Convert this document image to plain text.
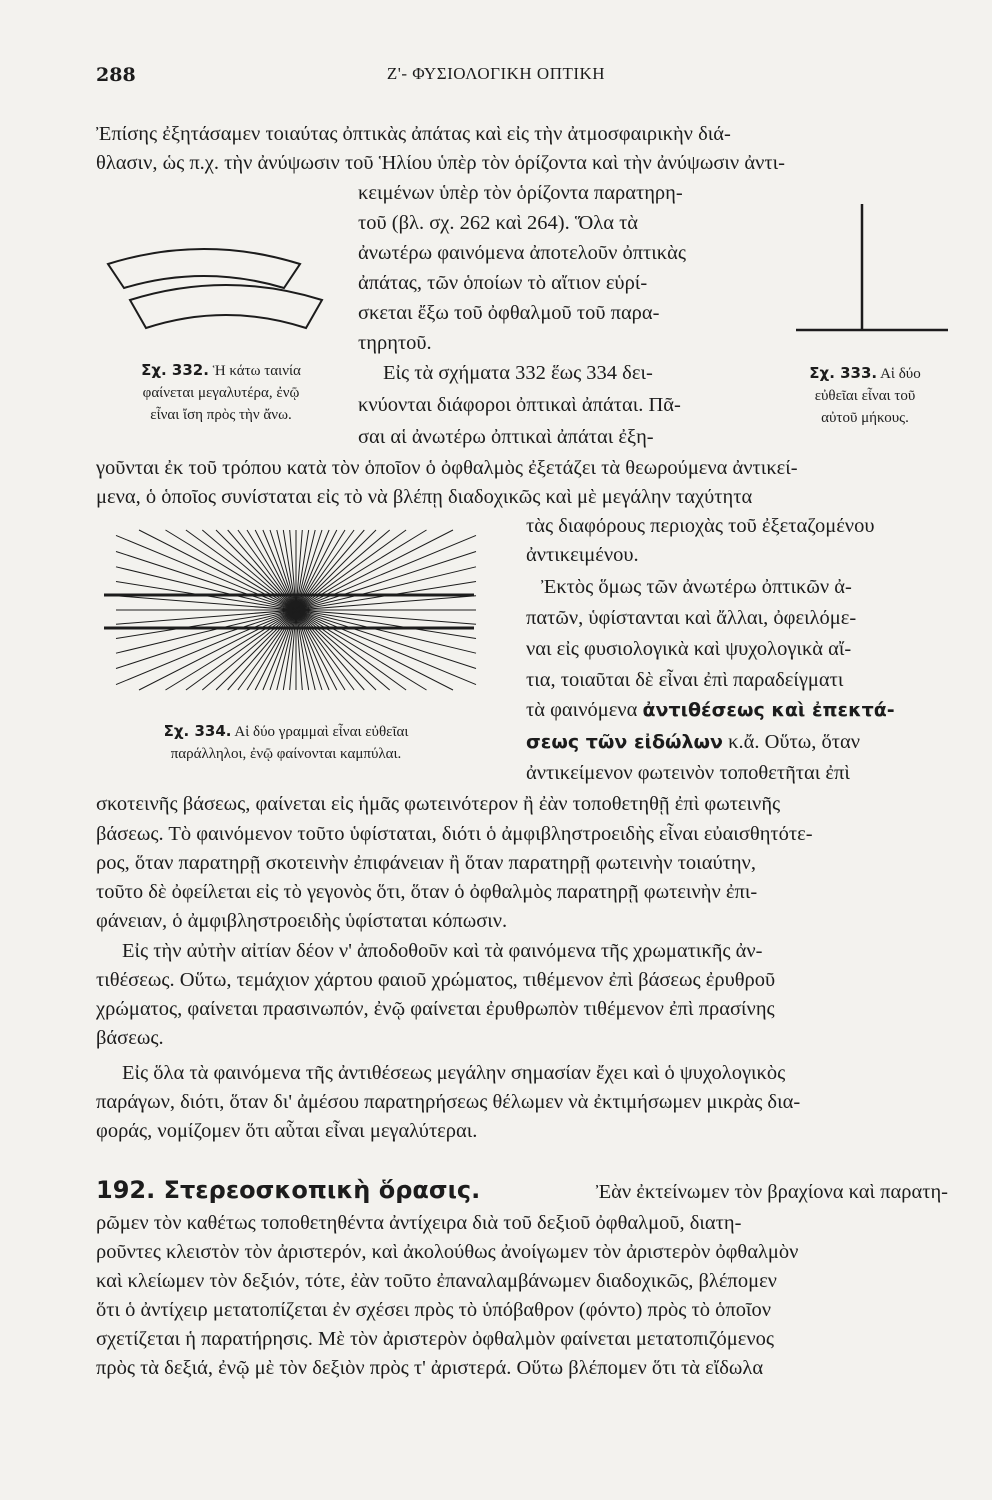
288	Ζ'- ΦΥΣΙΟΛΟΓΙΚΗ ΟΠΤΙΚΗ
Ἐπίσης ἐξητάσαμεν τοιαύτας ὀπτικὰς ἀπάτας καὶ εἰς τὴν ἀτμοσφαιρικὴν διά-
θλασιν, ὡς π.χ. τὴν ἀνύψωσιν τοῦ Ἡλίου ὑπὲρ τὸν ὁρίζοντα καὶ τὴν ἀνύψωσιν ἀντι-
κειμένων ὑπὲρ τὸν ὁρίζοντα παρατηρη-
τοῦ (βλ. σχ. 262 καὶ 264). Ὅλα τὰ
ἀνωτέρω φαινόμενα ἀποτελοῦν ὀπτικὰς
ἀπάτας, τῶν ὁποίων τὸ αἴτιον εὑρί-
σκεται ἔξω τοῦ ὀφθαλμοῦ τοῦ παρα-
τηρητοῦ.
Σχ. 332. Ἡ κάτω ταινία
φαίνεται μεγαλυτέρα, ἐνῷ
εἶναι ἴση πρὸς τὴν ἄνω.
Σχ. 333. Αἱ δύο
εὐθεῖαι εἶναι τοῦ
αὐτοῦ μήκους.
Εἰς τὰ σχήματα 332 ἕως 334 δει-
κνύονται διάφοροι ὀπτικαὶ ἀπάται. Πᾶ-
σαι αἱ ἀνωτέρω ὀπτικαὶ ἀπάται ἐξη-
γοῦνται ἐκ τοῦ τρόπου κατὰ τὸν ὁποῖον ὁ ὀφθαλμὸς ἐξετάζει τὰ θεωρούμενα ἀντικεί-
μενα, ὁ ὁποῖος συνίσταται εἰς τὸ νὰ βλέπῃ διαδοχικῶς καὶ μὲ μεγάλην ταχύτητα
τὰς διαφόρους περιοχὰς τοῦ ἐξεταζομένου
ἀντικειμένου.
Σχ. 334. Αἱ δύο γραμμαὶ εἶναι εὐθεῖαι
παράλληλοι, ἐνῷ φαίνονται καμπύλαι.
Ἐκτὸς ὅμως τῶν ἀνωτέρω ὀπτικῶν ἀ-
πατῶν, ὑφίστανται καὶ ἄλλαι, ὀφειλόμε-
ναι εἰς φυσιολογικὰ καὶ ψυχολογικὰ αἴ-
τια, τοιαῦται δὲ εἶναι ἐπὶ παραδείγματι
τὰ φαινόμενα ἀντιθέσεως καὶ ἐπεκτά-
σεως τῶν εἰδώλων κ.ἄ. Οὕτω, ὅταν
ἀντικείμενον φωτεινὸν τοποθετῆται ἐπὶ
σκοτεινῆς βάσεως, φαίνεται εἰς ἡμᾶς φωτεινότερον ἢ ἐὰν τοποθετηθῇ ἐπὶ φωτεινῆς
βάσεως. Τὸ φαινόμενον τοῦτο ὑφίσταται, διότι ὁ ἀμφιβληστροειδὴς εἶναι εὐαισθητότε-
ρος, ὅταν παρατηρῇ σκοτεινὴν ἐπιφάνειαν ἢ ὅταν παρατηρῇ φωτεινὴν τοιαύτην,
τοῦτο δὲ ὀφείλεται εἰς τὸ γεγονὸς ὅτι, ὅταν ὁ ὀφθαλμὸς παρατηρῇ φωτεινὴν ἐπι-
φάνειαν, ὁ ἀμφιβληστροειδὴς ὑφίσταται κόπωσιν.
Εἰς τὴν αὐτὴν αἰτίαν δέον ν' ἀποδοθοῦν καὶ τὰ φαινόμενα τῆς χρωματικῆς ἀν-
τιθέσεως. Οὕτω, τεμάχιον χάρτου φαιοῦ χρώματος, τιθέμενον ἐπὶ βάσεως ἐρυθροῦ
χρώματος, φαίνεται πρασινωπόν, ἐνῷ φαίνεται ἐρυθρωπὸν τιθέμενον ἐπὶ πρασίνης
βάσεως.
Εἰς ὅλα τὰ φαινόμενα τῆς ἀντιθέσεως μεγάλην σημασίαν ἔχει καὶ ὁ ψυχολογικὸς
παράγων, διότι, ὅταν δι' ἀμέσου παρατηρήσεως θέλωμεν νὰ ἐκτιμήσωμεν μικρὰς δια-
φοράς, νομίζομεν ὅτι αὗται εἶναι μεγαλύτεραι.
192. Στερεοσκοπικὴ ὅρασις.	Ἐὰν ἐκτείνωμεν τὸν βραχίονα καὶ παρατη-
ρῶμεν τὸν καθέτως τοποθετηθέντα ἀντίχειρα διὰ τοῦ δεξιοῦ ὀφθαλμοῦ, διατη-
ροῦντες κλειστὸν τὸν ἀριστερόν, καὶ ἀκολούθως ἀνοίγωμεν τὸν ἀριστερὸν ὀφθαλμὸν
καὶ κλείωμεν τὸν δεξιόν, τότε, ἐὰν τοῦτο ἐπαναλαμβάνωμεν διαδοχικῶς, βλέπομεν
ὅτι ὁ ἀντίχειρ μετατοπίζεται ἐν σχέσει πρὸς τὸ ὑπόβαθρον (φόντο) πρὸς τὸ ὁποῖον
σχετίζεται ἡ παρατήρησις. Μὲ τὸν ἀριστερὸν ὀφθαλμὸν φαίνεται μετατοπιζόμενος
πρὸς τὰ δεξιά, ἐνῷ μὲ τὸν δεξιὸν πρὸς τ' ἀριστερά. Οὕτω βλέπομεν ὅτι τὰ εἴδωλα
